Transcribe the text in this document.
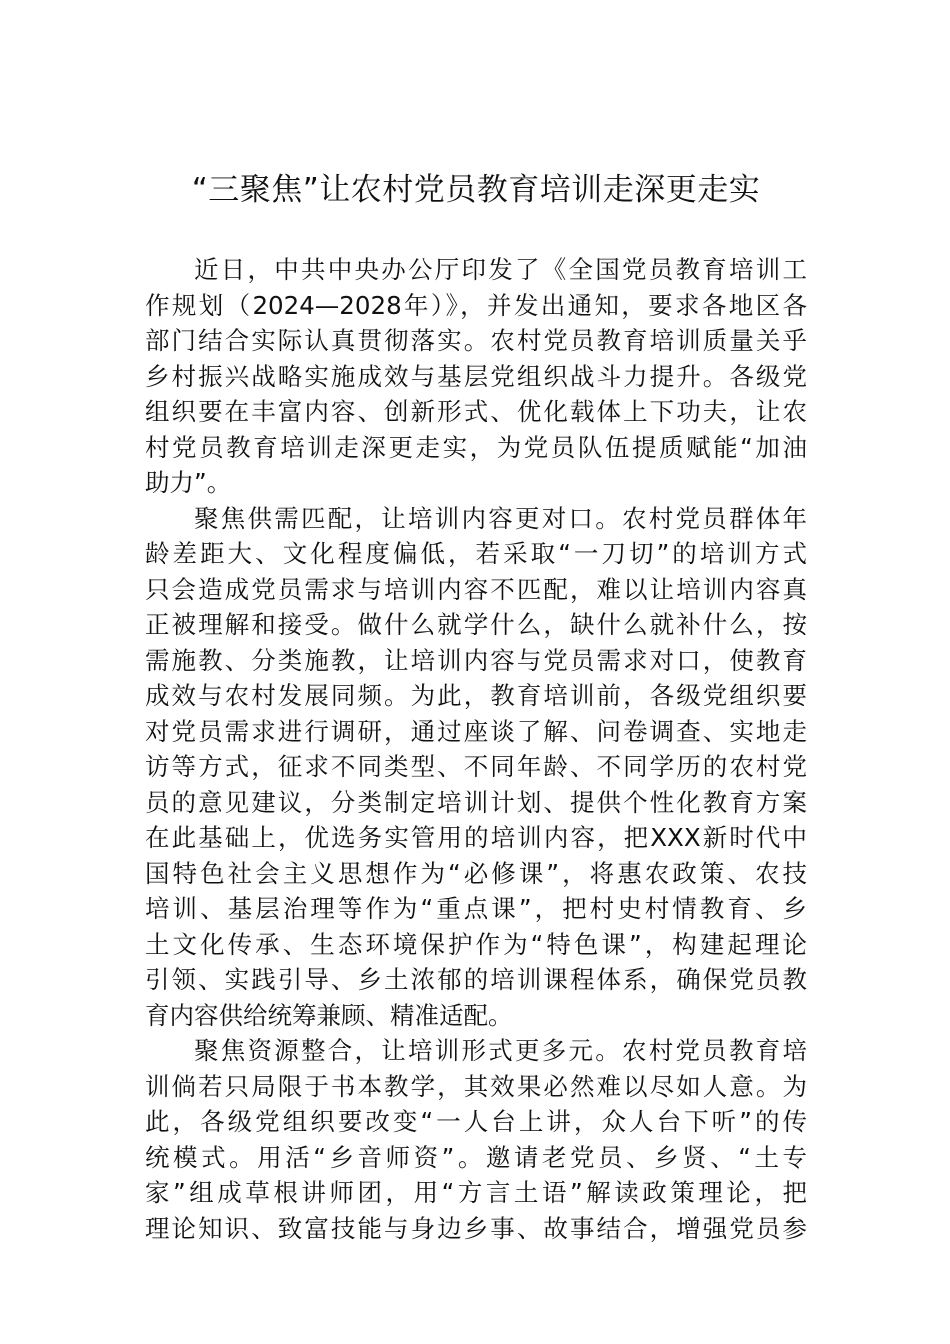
“三聚焦”让农村党员教育培训走深更走实

近日，中共中央办公厅印发了《全国党员教育培训工
作规划（2024—2028年）》，并发出通知，要求各地区各
部门结合实际认真贯彻落实。农村党员教育培训质量关乎
乡村振兴战略实施成效与基层党组织战斗力提升。各级党
组织要在丰富内容、创新形式、优化载体上下功夫，让农
村党员教育培训走深更走实，为党员队伍提质赋能“加油
助力”。

聚焦供需匹配，让培训内容更对口。农村党员群体年
龄差距大、文化程度偏低，若采取“一刀切”的培训方式
只会造成党员需求与培训内容不匹配，难以让培训内容真
正被理解和接受。做什么就学什么，缺什么就补什么，按
需施教、分类施教，让培训内容与党员需求对口，使教育
成效与农村发展同频。为此，教育培训前，各级党组织要
对党员需求进行调研，通过座谈了解、问卷调查、实地走
访等方式，征求不同类型、不同年龄、不同学历的农村党
员的意见建议，分类制定培训计划、提供个性化教育方案
在此基础上，优选务实管用的培训内容，把XXX新时代中
国特色社会主义思想作为“必修课”，将惠农政策、农技
培训、基层治理等作为“重点课”，把村史村情教育、乡
土文化传承、生态环境保护作为“特色课”，构建起理论
引领、实践引导、乡土浓郁的培训课程体系，确保党员教
育内容供给统筹兼顾、精准适配。

聚焦资源整合，让培训形式更多元。农村党员教育培
训倘若只局限于书本教学，其效果必然难以尽如人意。为
此，各级党组织要改变“一人台上讲，众人台下听”的传
统模式。用活“乡音师资”。邀请老党员、乡贤、“土专
家”组成草根讲师团，用“方言土语”解读政策理论，把
理论知识、致富技能与身边乡事、故事结合，增强党员参
